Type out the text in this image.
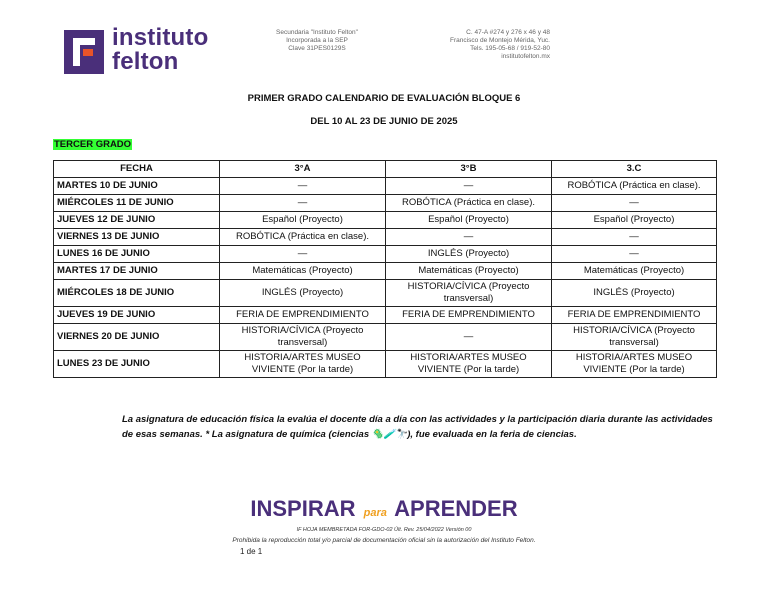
instituto
felton
Secundaria "Instituto Felton"
Incorporada a la SEP
Clave 31PES0129S
C. 47-A #274 y 276 x 46 y 48
Francisco de Montejo Mérida, Yuc.
Tels. 195-05-68 / 919-52-80
institutofelton.mx
PRIMER GRADO CALENDARIO DE EVALUACIÓN BLOQUE 6
DEL 10 AL 23 DE JUNIO DE 2025
TERCER GRADO
FECHA	3°A	3°B	3.C
MARTES 10 DE JUNIO	—	—	ROBÓTICA (Práctica en clase).
MIÉRCOLES 11 DE JUNIO	—	ROBÓTICA (Práctica en clase).	—
JUEVES 12 DE JUNIO	Español (Proyecto)	Español (Proyecto)	Español (Proyecto)
VIERNES 13 DE JUNIO	ROBÓTICA (Práctica en clase).	—	—
LUNES 16 DE JUNIO	—	INGLÉS (Proyecto)	—
MARTES 17 DE JUNIO	Matemáticas (Proyecto)	Matemáticas (Proyecto)	Matemáticas (Proyecto)
MIÉRCOLES 18 DE JUNIO	INGLÉS (Proyecto)	HISTORIA/CÍVICA (Proyecto transversal)	INGLÉS (Proyecto)
JUEVES 19 DE JUNIO	FERIA DE EMPRENDIMIENTO	FERIA DE EMPRENDIMIENTO	FERIA DE EMPRENDIMIENTO
VIERNES 20 DE JUNIO	HISTORIA/CÍVICA (Proyecto transversal)	—	HISTORIA/CÍVICA (Proyecto transversal)
LUNES 23 DE JUNIO	HISTORIA/ARTES MUSEO VIVIENTE (Por la tarde)	HISTORIA/ARTES MUSEO VIVIENTE (Por la tarde)	HISTORIA/ARTES MUSEO VIVIENTE (Por la tarde)
La asignatura de educación física la evalúa el docente día a día con las actividades y la participación diaria durante las actividades de esas semanas. * La asignatura de química (ciencias 🦠🧪🔭), fue evaluada en la feria de ciencias.
INSPIRAR para APRENDER
IF HOJA MEMBRETADA FOR-GDO-02 Últ. Rev. 25/04/2022 Versión 00
Prohibida la reproducción total y/o parcial de documentación oficial sin la autorización del Instituto Felton.
1 de 1
